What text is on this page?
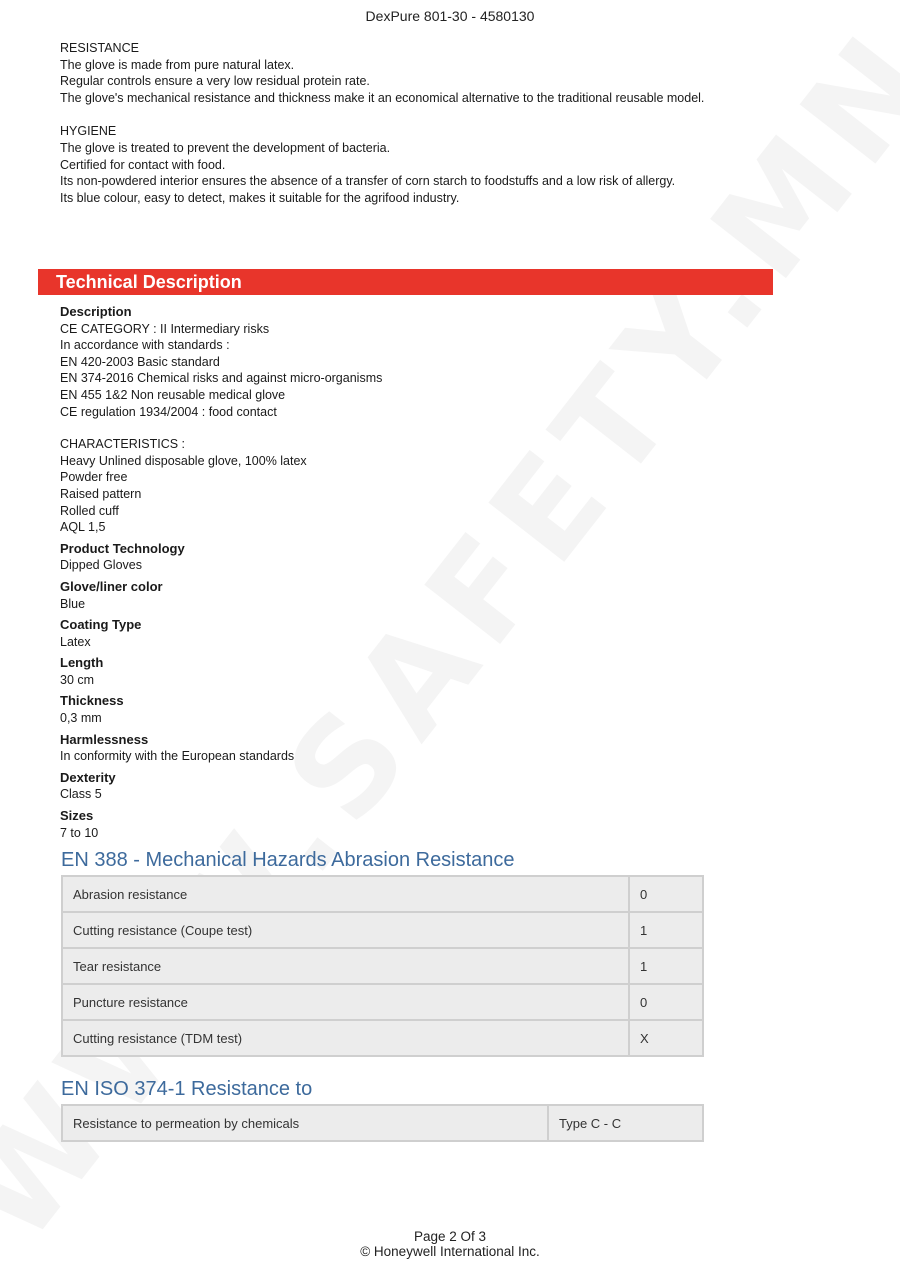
DexPure 801-30 - 4580130
RESISTANCE
The glove is made from pure natural latex.
Regular controls ensure a very low residual protein rate.
The glove's mechanical resistance and thickness make it an economical alternative to the traditional reusable model.
HYGIENE
The glove is treated to prevent the development of bacteria.
Certified for contact with food.
Its non-powdered interior ensures the absence of a transfer of corn starch to foodstuffs and a low risk of allergy.
Its blue colour, easy to detect, makes it suitable for the agrifood industry.
Technical Description
Description
CE CATEGORY : II Intermediary risks
In accordance with standards :
EN 420-2003 Basic standard
EN 374-2016 Chemical risks and against micro-organisms
EN 455 1&2 Non reusable medical glove
CE regulation 1934/2004 : food contact
CHARACTERISTICS :
Heavy Unlined disposable glove, 100% latex
Powder free
Raised pattern
Rolled cuff
AQL 1,5
Product Technology
Dipped Gloves
Glove/liner color
Blue
Coating Type
Latex
Length
30 cm
Thickness
0,3 mm
Harmlessness
In conformity with the European standards
Dexterity
Class 5
Sizes
7 to 10
EN 388 - Mechanical Hazards Abrasion Resistance
Abrasion resistance	0
Cutting resistance (Coupe test)	1
Tear resistance	1
Puncture resistance	0
Cutting resistance (TDM test)	X
EN ISO 374-1 Resistance to
Resistance to permeation by chemicals	Type C - C
Page 2 Of 3
© Honeywell International Inc.
